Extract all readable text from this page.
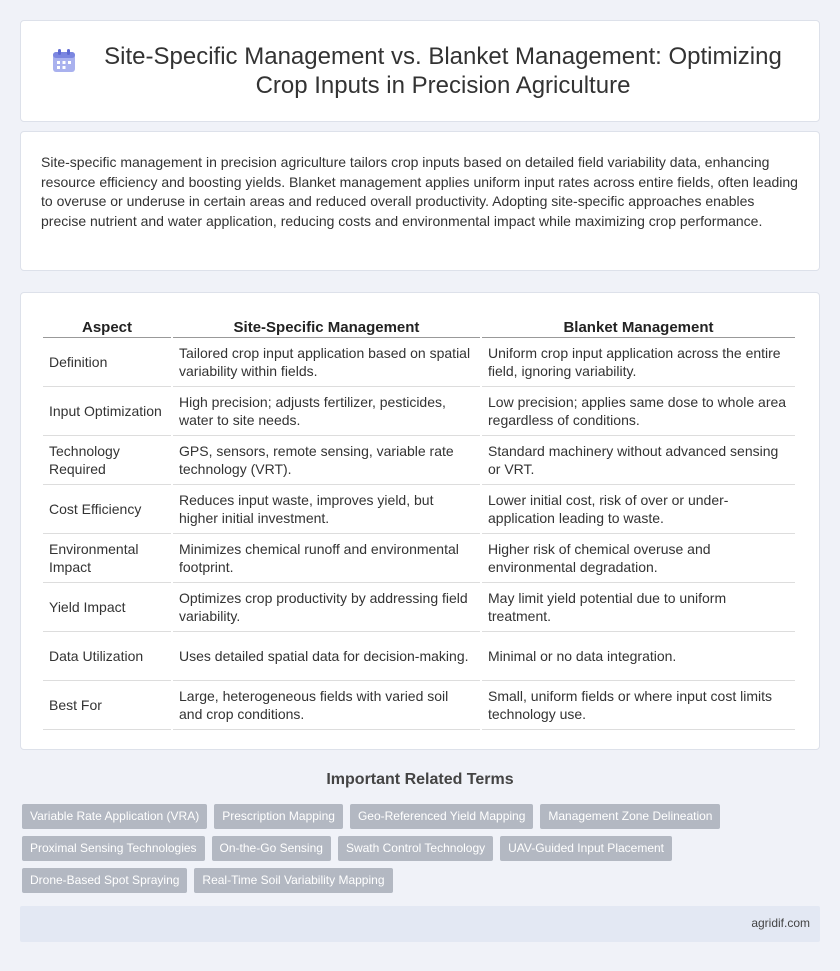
Site-Specific Management vs. Blanket Management: Optimizing Crop Inputs in Precision Agriculture

Site-specific management in precision agriculture tailors crop inputs based on detailed field variability data, enhancing resource efficiency and boosting yields. Blanket management applies uniform input rates across entire fields, often leading to overuse or underuse in certain areas and reduced overall productivity. Adopting site-specific approaches enables precise nutrient and water application, reducing costs and environmental impact while maximizing crop performance.

Aspect	Site-Specific Management	Blanket Management
Definition	Tailored crop input application based on spatial variability within fields.	Uniform crop input application across the entire field, ignoring variability.
Input Optimization	High precision; adjusts fertilizer, pesticides, water to site needs.	Low precision; applies same dose to whole area regardless of conditions.
Technology Required	GPS, sensors, remote sensing, variable rate technology (VRT).	Standard machinery without advanced sensing or VRT.
Cost Efficiency	Reduces input waste, improves yield, but higher initial investment.	Lower initial cost, risk of over or under-application leading to waste.
Environmental Impact	Minimizes chemical runoff and environmental footprint.	Higher risk of chemical overuse and environmental degradation.
Yield Impact	Optimizes crop productivity by addressing field variability.	May limit yield potential due to uniform treatment.
Data Utilization	Uses detailed spatial data for decision-making.	Minimal or no data integration.
Best For	Large, heterogeneous fields with varied soil and crop conditions.	Small, uniform fields or where input cost limits technology use.
Important Related Terms
Variable Rate Application (VRA)	Prescription Mapping	Geo-Referenced Yield Mapping	Management Zone Delineation
Proximal Sensing Technologies	On-the-Go Sensing	Swath Control Technology	UAV-Guided Input Placement
Drone-Based Spot Spraying	Real-Time Soil Variability Mapping
agridif.com
